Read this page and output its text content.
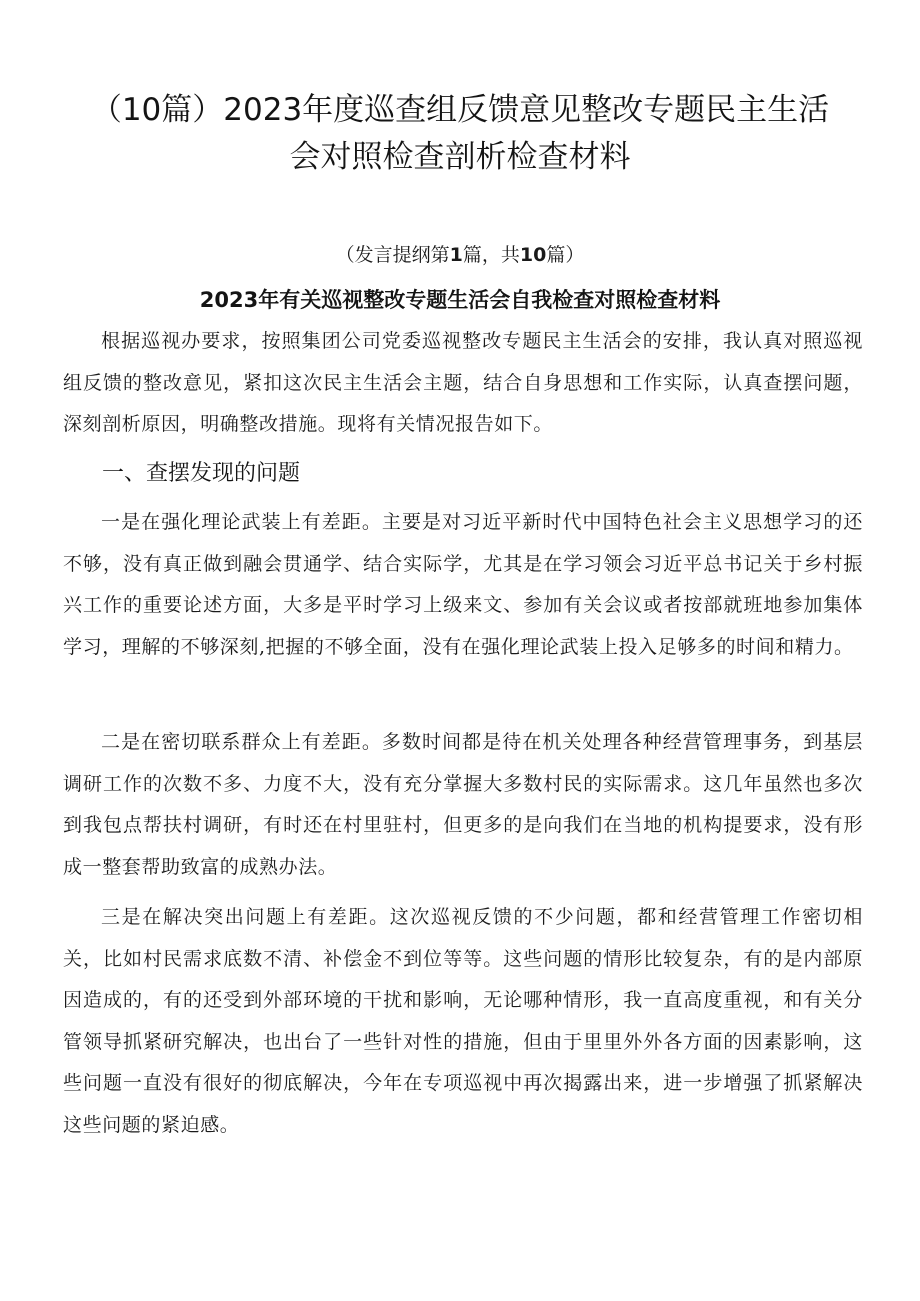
（10篇）2023年度巡查组反馈意见整改专题民主生活
会对照检查剖析检查材料
（发言提纲第1篇，共10篇）
2023年有关巡视整改专题生活会自我检查对照检查材料

根据巡视办要求，按照集团公司党委巡视整改专题民主生活会的安排，我认真对照巡视组反馈的整改意见，紧扣这次民主生活会主题，结合自身思想和工作实际，认真查摆问题，深刻剖析原因，明确整改措施。现将有关情况报告如下。

一、查摆发现的问题

一是在强化理论武装上有差距。主要是对习近平新时代中国特色社会主义思想学习的还不够，没有真正做到融会贯通学、结合实际学，尤其是在学习领会习近平总书记关于乡村振兴工作的重要论述方面，大多是平时学习上级来文、参加有关会议或者按部就班地参加集体学习，理解的不够深刻,把握的不够全面，没有在强化理论武装上投入足够多的时间和精力。

二是在密切联系群众上有差距。多数时间都是待在机关处理各种经营管理事务，到基层调研工作的次数不多、力度不大，没有充分掌握大多数村民的实际需求。这几年虽然也多次到我包点帮扶村调研，有时还在村里驻村，但更多的是向我们在当地的机构提要求，没有形成一整套帮助致富的成熟办法。

三是在解决突出问题上有差距。这次巡视反馈的不少问题，都和经营管理工作密切相关，比如村民需求底数不清、补偿金不到位等等。这些问题的情形比较复杂，有的是内部原因造成的，有的还受到外部环境的干扰和影响，无论哪种情形，我一直高度重视，和有关分管领导抓紧研究解决，也出台了一些针对性的措施，但由于里里外外各方面的因素影响，这些问题一直没有很好的彻底解决，今年在专项巡视中再次揭露出来，进一步增强了抓紧解决这些问题的紧迫感。
